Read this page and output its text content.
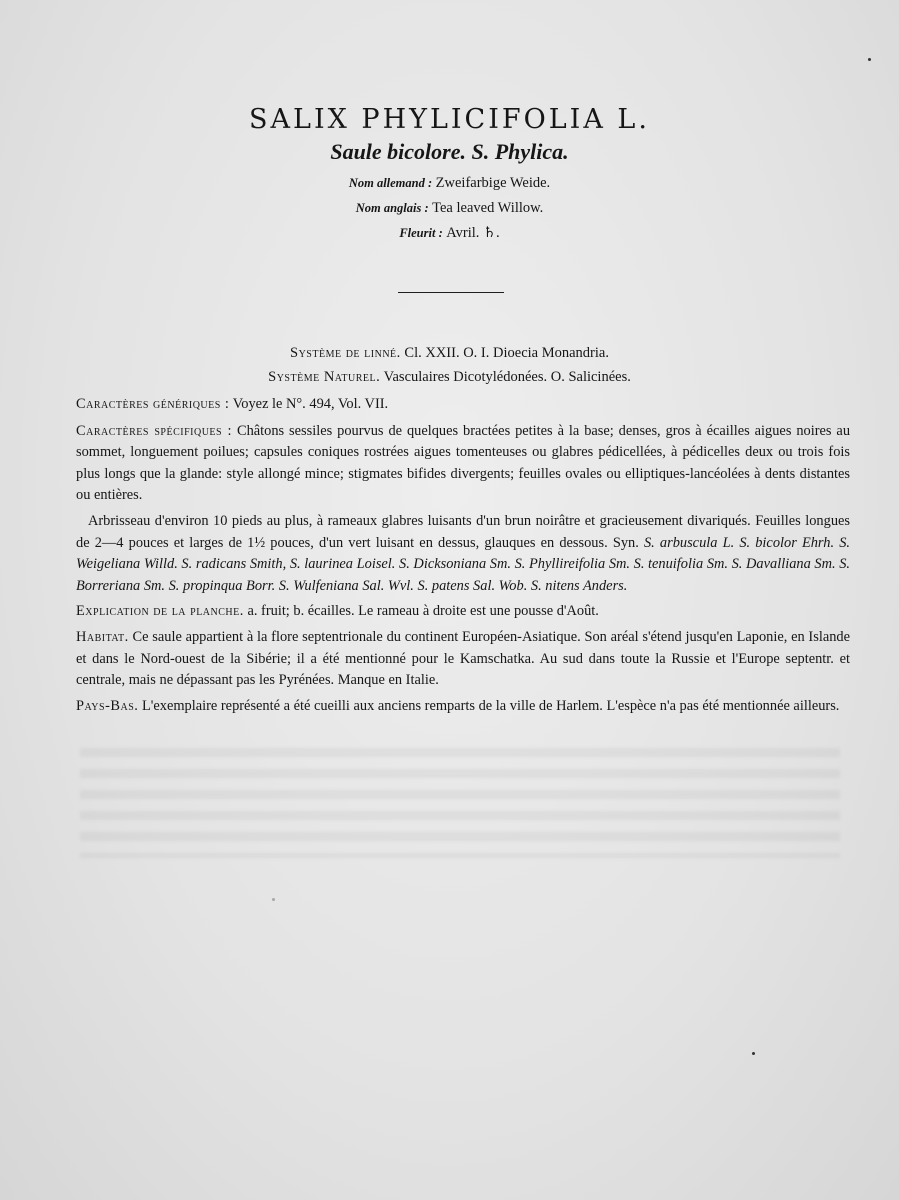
SALIX PHYLICIFOLIA L.
Saule bicolore. S. Phylica.
Nom allemand : Zweifarbige Weide.
Nom anglais : Tea leaved Willow.
Fleurit : Avril. ♄.
Système de linné. Cl. XXII. O. I. Dioecia Monandria.
Système Naturel. Vasculaires Dicotylédonées. O. Salicinées.

Caractères génériques : Voyez le N°. 494, Vol. VII.

Caractères spécifiques : Châtons sessiles pourvus de quelques bractées petites à la base; denses, gros à écailles aigues noires au sommet, longuement poilues; capsules coniques rostrées aigues tomenteuses ou glabres pédicellées, à pédicelles deux ou trois fois plus longs que la glande: style allongé mince; stigmates bifides divergents; feuilles ovales ou elliptiques-lancéolées à dents distantes ou entières.

Arbrisseau d'environ 10 pieds au plus, à rameaux glabres luisants d'un brun noirâtre et gracieusement divariqués. Feuilles longues de 2—4 pouces et larges de 1½ pouces, d'un vert luisant en dessus, glauques en dessous. Syn. S. arbuscula L. S. bicolor Ehrh. S. Weigeliana Willd. S. radicans Smith, S. laurinea Loisel. S. Dicksoniana Sm. S. Phyllireifolia Sm. S. tenuifolia Sm. S. Davalliana Sm. S. Borreriana Sm. S. propinqua Borr. S. Wulfeniana Sal. Wvl. S. patens Sal. Wob. S. nitens Anders.

Explication de la planche. a. fruit; b. écailles. Le rameau à droite est une pousse d'Août.

Habitat. Ce saule appartient à la flore septentrionale du continent Européen-Asiatique. Son aréal s'étend jusqu'en Laponie, en Islande et dans le Nord-ouest de la Sibérie; il a été mentionné pour le Kamschatka. Au sud dans toute la Russie et l'Europe septentr. et centrale, mais ne dépassant pas les Pyrénées. Manque en Italie.

Pays-Bas. L'exemplaire représenté a été cueilli aux anciens remparts de la ville de Harlem. L'espèce n'a pas été mentionnée ailleurs.
